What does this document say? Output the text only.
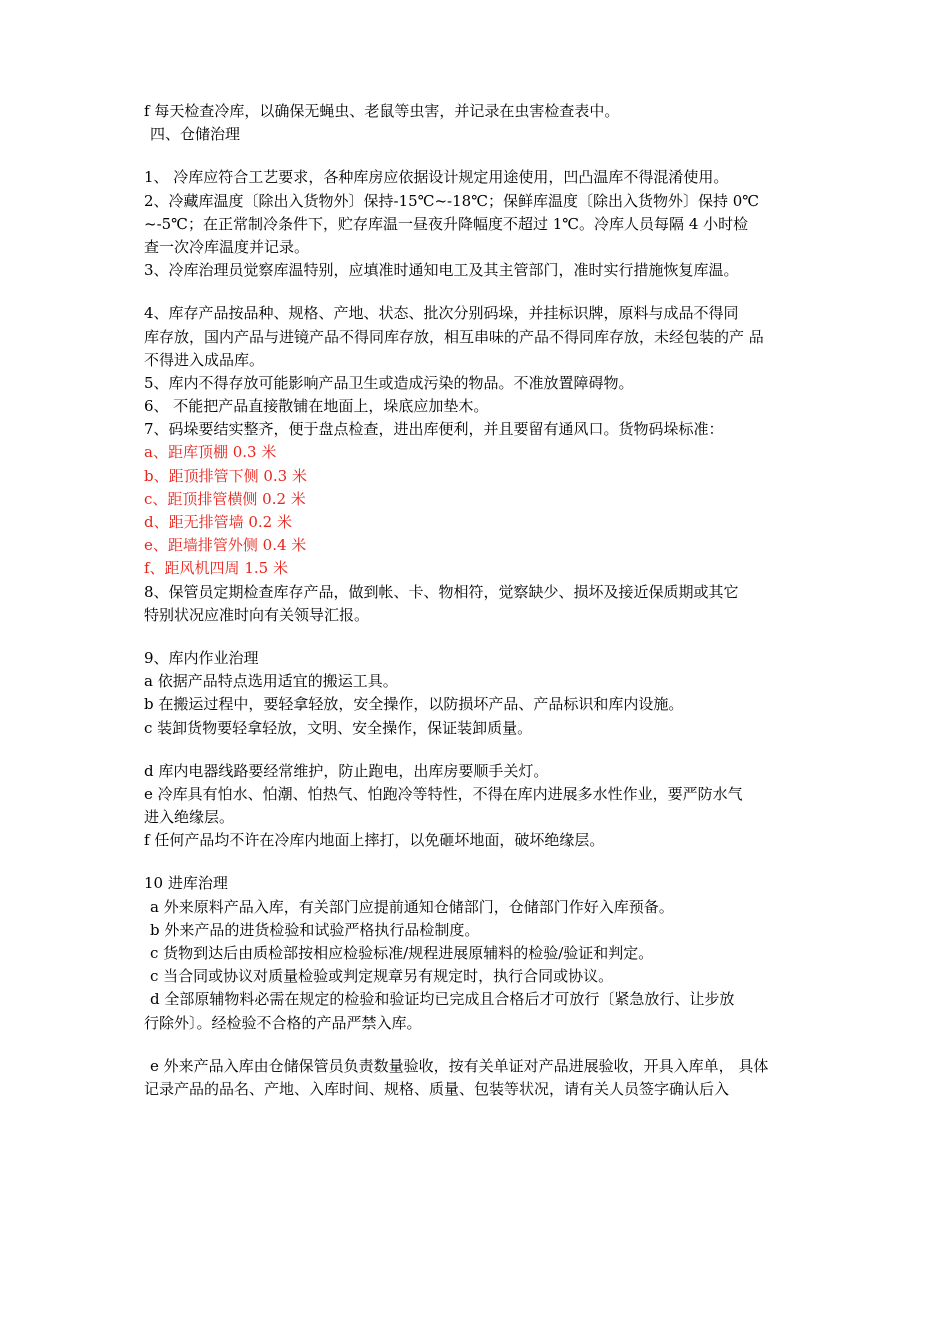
f 每天检查冷库，以确保无蝇虫、老鼠等虫害，并记录在虫害检查表中。
四、仓储治理
1、 冷库应符合工艺要求，各种库房应依据设计规定用途使用，凹凸温库不得混淆使用。
2、冷藏库温度〔除出入货物外〕保持-15℃~-18℃；保鲜库温度〔除出入货物外〕保持 0℃
~-5℃；在正常制冷条件下，贮存库温一昼夜升降幅度不超过 1℃。冷库人员每隔 4 小时检
查一次冷库温度并记录。
3、冷库治理员觉察库温特别，应填准时通知电工及其主管部门，准时实行措施恢复库温。
4、库存产品按品种、规格、产地、状态、批次分别码垛，并挂标识牌，原料与成品不得同
库存放，国内产品与进镜产品不得同库存放，相互串味的产品不得同库存放，未经包装的产 品
不得进入成品库。
5、库内不得存放可能影响产品卫生或造成污染的物品。不准放置障碍物。
6、 不能把产品直接散铺在地面上，垛底应加垫木。
7、码垛要结实整齐，便于盘点检查，进出库便利，并且要留有通风口。货物码垛标准：
a、距库顶棚 0.3 米
b、距顶排管下侧 0.3 米
c、距顶排管横侧 0.2 米
d、距无排管墙 0.2 米
e、距墙排管外侧 0.4 米
f、距风机四周 1.5 米
8、保管员定期检查库存产品，做到帐、卡、物相符，觉察缺少、损坏及接近保质期或其它
特别状况应准时向有关领导汇报。
9、库内作业治理
a 依据产品特点选用适宜的搬运工具。
b 在搬运过程中，要轻拿轻放，安全操作，以防损坏产品、产品标识和库内设施。
c 装卸货物要轻拿轻放，文明、安全操作，保证装卸质量。
d 库内电器线路要经常维护，防止跑电，出库房要顺手关灯。
e 冷库具有怕水、怕潮、怕热气、怕跑冷等特性，不得在库内进展多水性作业，要严防水气
进入绝缘层。
f 任何产品均不许在冷库内地面上摔打，以免砸坏地面，破坏绝缘层。
10 进库治理
a 外来原料产品入库，有关部门应提前通知仓储部门，仓储部门作好入库预备。
b 外来产品的进货检验和试验严格执行品检制度。
c 货物到达后由质检部按相应检验标准/规程进展原辅料的检验/验证和判定。
c 当合同或协议对质量检验或判定规章另有规定时，执行合同或协议。
d 全部原辅物料必需在规定的检验和验证均已完成且合格后才可放行〔紧急放行、让步放
行除外〕。经检验不合格的产品严禁入库。
e 外来产品入库由仓储保管员负责数量验收，按有关单证对产品进展验收，开具入库单， 具体
记录产品的品名、产地、入库时间、规格、质量、包装等状况，请有关人员签字确认后入
